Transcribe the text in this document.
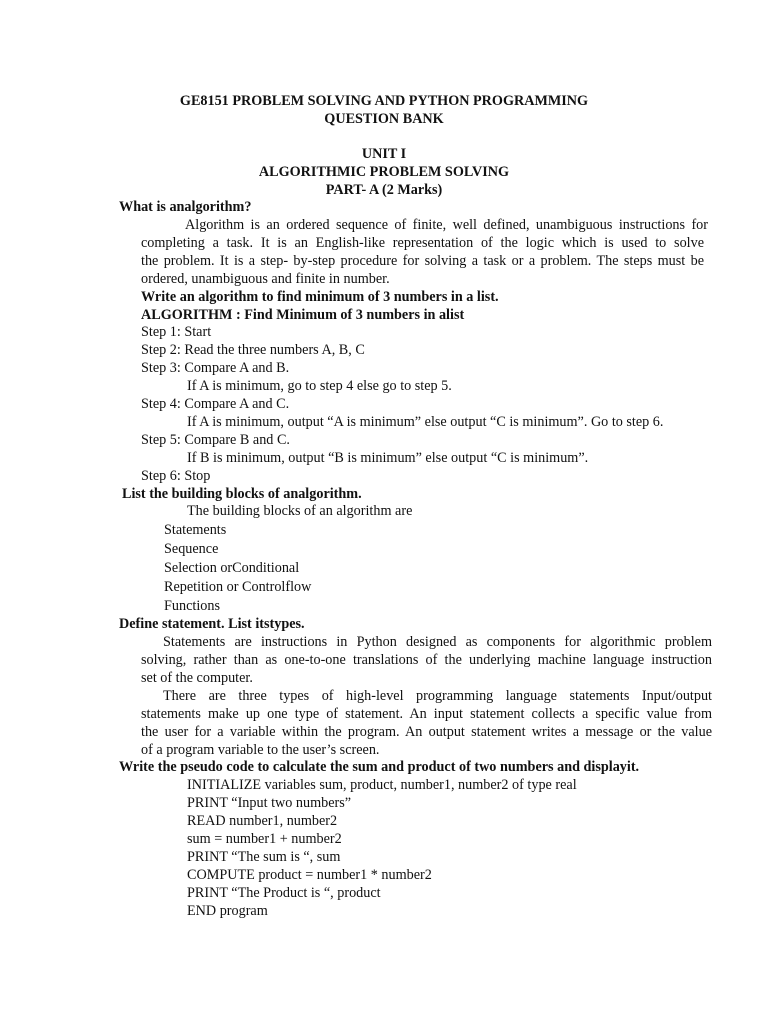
GE8151 PROBLEM SOLVING AND PYTHON PROGRAMMING
QUESTION BANK
UNIT I
ALGORITHMIC PROBLEM SOLVING
PART- A (2 Marks)
What is analgorithm?
Algorithm is an ordered sequence of finite, well defined, unambiguous instructions for
completing a task. It is an English-like representation of the logic which is used to solve
the problem. It is a step- by-step procedure for solving a task or a problem. The steps must be
ordered, unambiguous and finite in number.
Write an algorithm to find minimum of 3 numbers in a list.
ALGORITHM : Find Minimum of 3 numbers in alist
Step 1: Start
Step 2: Read the three numbers A, B, C
Step 3: Compare A and B.
If A is minimum, go to step 4 else go to step 5.
Step 4: Compare A and C.
If A is minimum, output “A is minimum” else output “C is minimum”. Go to step 6.
Step 5: Compare B and C.
If B is minimum, output “B is minimum” else output “C is minimum”.
Step 6: Stop
List the building blocks of analgorithm.
The building blocks of an algorithm are
Statements
Sequence
Selection orConditional
Repetition or Controlflow
Functions
Define statement. List itstypes.
Statements are instructions in Python designed as components for algorithmic problem
solving, rather than as one-to-one translations of the underlying machine language instruction
set of the computer.
There are three types of high-level programming language statements Input/output
statements make up one type of statement. An input statement collects a specific value from
the user for a variable within the program. An output statement writes a message or the value
of a program variable to the user’s screen.
Write the pseudo code to calculate the sum and product of two numbers and displayit.
INITIALIZE variables sum, product, number1, number2 of type real
PRINT “Input two numbers”
READ number1, number2
sum = number1 + number2
PRINT “The sum is “, sum
COMPUTE product = number1 * number2
PRINT “The Product is “, product
END program
